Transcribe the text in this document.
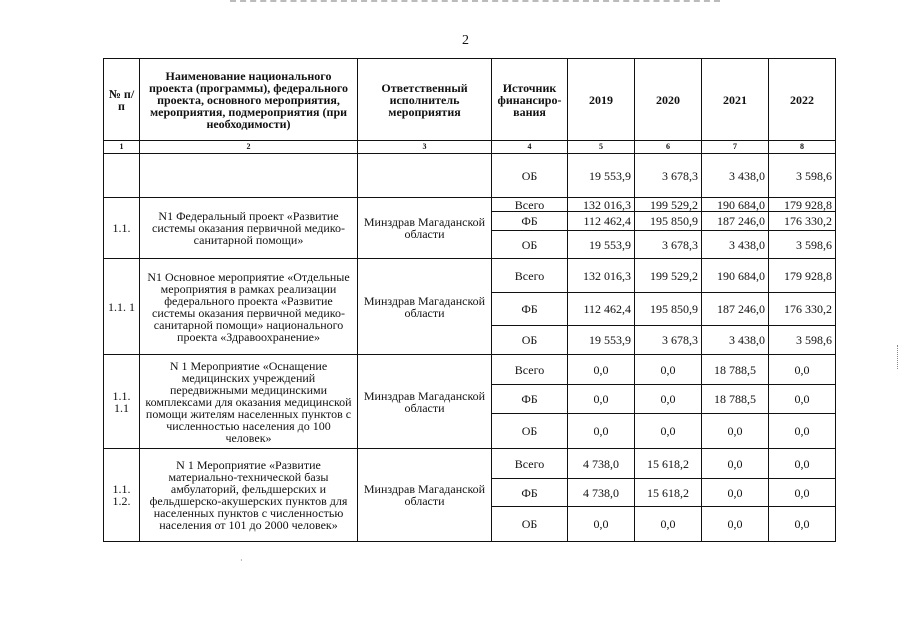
2
№ п/п	Наименование национального проекта (программы), федерального проекта, основного мероприятия, мероприятия, подмероприятия (при необходимости)	Ответственный исполнитель мероприятия	Источник финансиро-вания	2019	2020	2021	2022
1	2	3	4	5	6	7	8
			ОБ	19 553,9	3 678,3	3 438,0	3 598,6
1.1.	N1 Федеральный проект «Развитие системы оказания первичной медико-санитарной помощи»	Минздрав Магаданской области	Всего	132 016,3	199 529,2	190 684,0	179 928,8
			ФБ	112 462,4	195 850,9	187 246,0	176 330,2
			ОБ	19 553,9	3 678,3	3 438,0	3 598,6
1.1. 1	N1 Основное мероприятие «Отдельные мероприятия в рамках реализации федерального проекта «Развитие системы оказания первичной медико-санитарной помощи» национального проекта «Здравоохранение»	Минздрав Магаданской области	Всего	132 016,3	199 529,2	190 684,0	179 928,8
			ФБ	112 462,4	195 850,9	187 246,0	176 330,2
			ОБ	19 553,9	3 678,3	3 438,0	3 598,6
1.1. 1.1	N 1 Мероприятие «Оснащение медицинских учреждений передвижными медицинскими комплексами для оказания медицинской помощи жителям населенных пунктов с численностью населения до 100 человек»	Минздрав Магаданской области	Всего	0,0	0,0	18 788,5	0,0
			ФБ	0,0	0,0	18 788,5	0,0
			ОБ	0,0	0,0	0,0	0,0
1.1. 1.2.	N 1 Мероприятие «Развитие материально-технической базы амбулаторий, фельдшерских и фельдшерско-акушерских пунктов для населенных пунктов с численностью населения от 101 до 2000 человек»	Минздрав Магаданской области	Всего	4 738,0	15 618,2	0,0	0,0
			ФБ	4 738,0	15 618,2	0,0	0,0
			ОБ	0,0	0,0	0,0	0,0
·
